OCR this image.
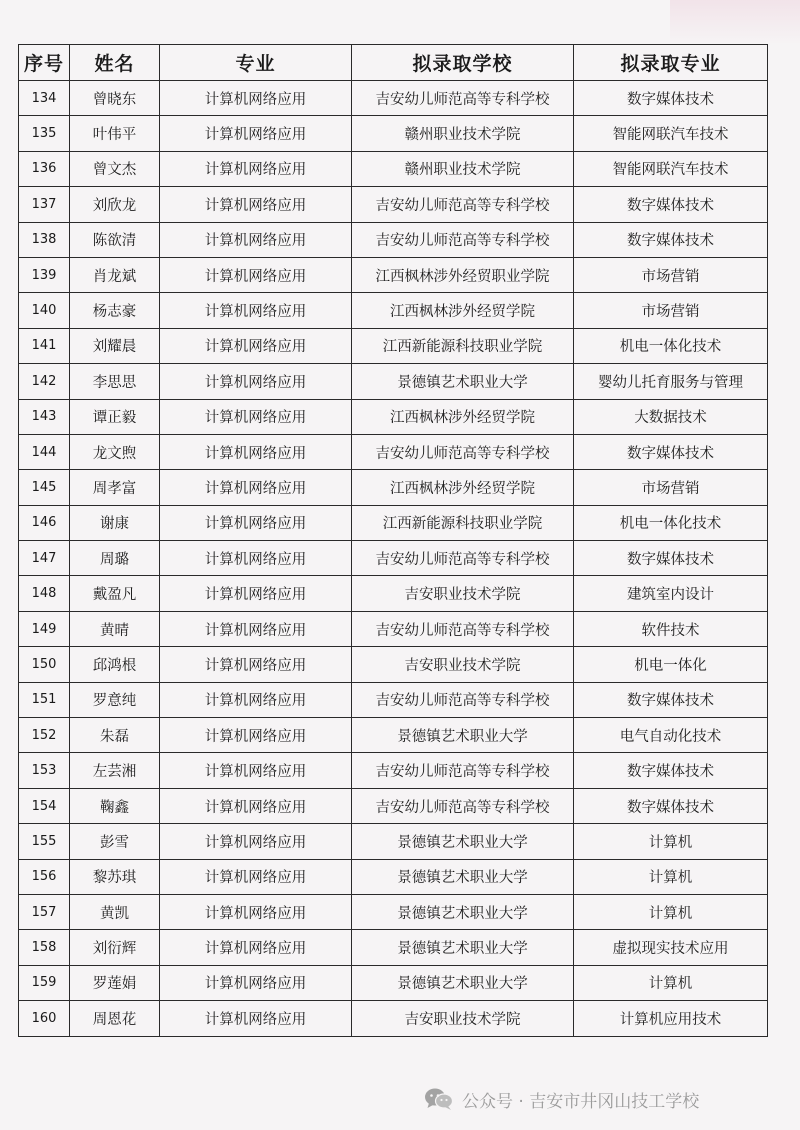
序号	姓名	专业	拟录取学校	拟录取专业
134	曾晓东	计算机网络应用	吉安幼儿师范高等专科学校	数字媒体技术
135	叶伟平	计算机网络应用	赣州职业技术学院	智能网联汽车技术
136	曾文杰	计算机网络应用	赣州职业技术学院	智能网联汽车技术
137	刘欣龙	计算机网络应用	吉安幼儿师范高等专科学校	数字媒体技术
138	陈欲清	计算机网络应用	吉安幼儿师范高等专科学校	数字媒体技术
139	肖龙斌	计算机网络应用	江西枫林涉外经贸职业学院	市场营销
140	杨志豪	计算机网络应用	江西枫林涉外经贸学院	市场营销
141	刘耀晨	计算机网络应用	江西新能源科技职业学院	机电一体化技术
142	李思思	计算机网络应用	景德镇艺术职业大学	婴幼儿托育服务与管理
143	谭正毅	计算机网络应用	江西枫林涉外经贸学院	大数据技术
144	龙文煦	计算机网络应用	吉安幼儿师范高等专科学校	数字媒体技术
145	周孝富	计算机网络应用	江西枫林涉外经贸学院	市场营销
146	谢康	计算机网络应用	江西新能源科技职业学院	机电一体化技术
147	周璐	计算机网络应用	吉安幼儿师范高等专科学校	数字媒体技术
148	戴盈凡	计算机网络应用	吉安职业技术学院	建筑室内设计
149	黄晴	计算机网络应用	吉安幼儿师范高等专科学校	软件技术
150	邱鸿根	计算机网络应用	吉安职业技术学院	机电一体化
151	罗意纯	计算机网络应用	吉安幼儿师范高等专科学校	数字媒体技术
152	朱磊	计算机网络应用	景德镇艺术职业大学	电气自动化技术
153	左芸湘	计算机网络应用	吉安幼儿师范高等专科学校	数字媒体技术
154	鞠鑫	计算机网络应用	吉安幼儿师范高等专科学校	数字媒体技术
155	彭雪	计算机网络应用	景德镇艺术职业大学	计算机
156	黎苏琪	计算机网络应用	景德镇艺术职业大学	计算机
157	黄凯	计算机网络应用	景德镇艺术职业大学	计算机
158	刘衍辉	计算机网络应用	景德镇艺术职业大学	虚拟现实技术应用
159	罗莲娟	计算机网络应用	景德镇艺术职业大学	计算机
160	周恩花	计算机网络应用	吉安职业技术学院	计算机应用技术
公众号 · 吉安市井冈山技工学校
